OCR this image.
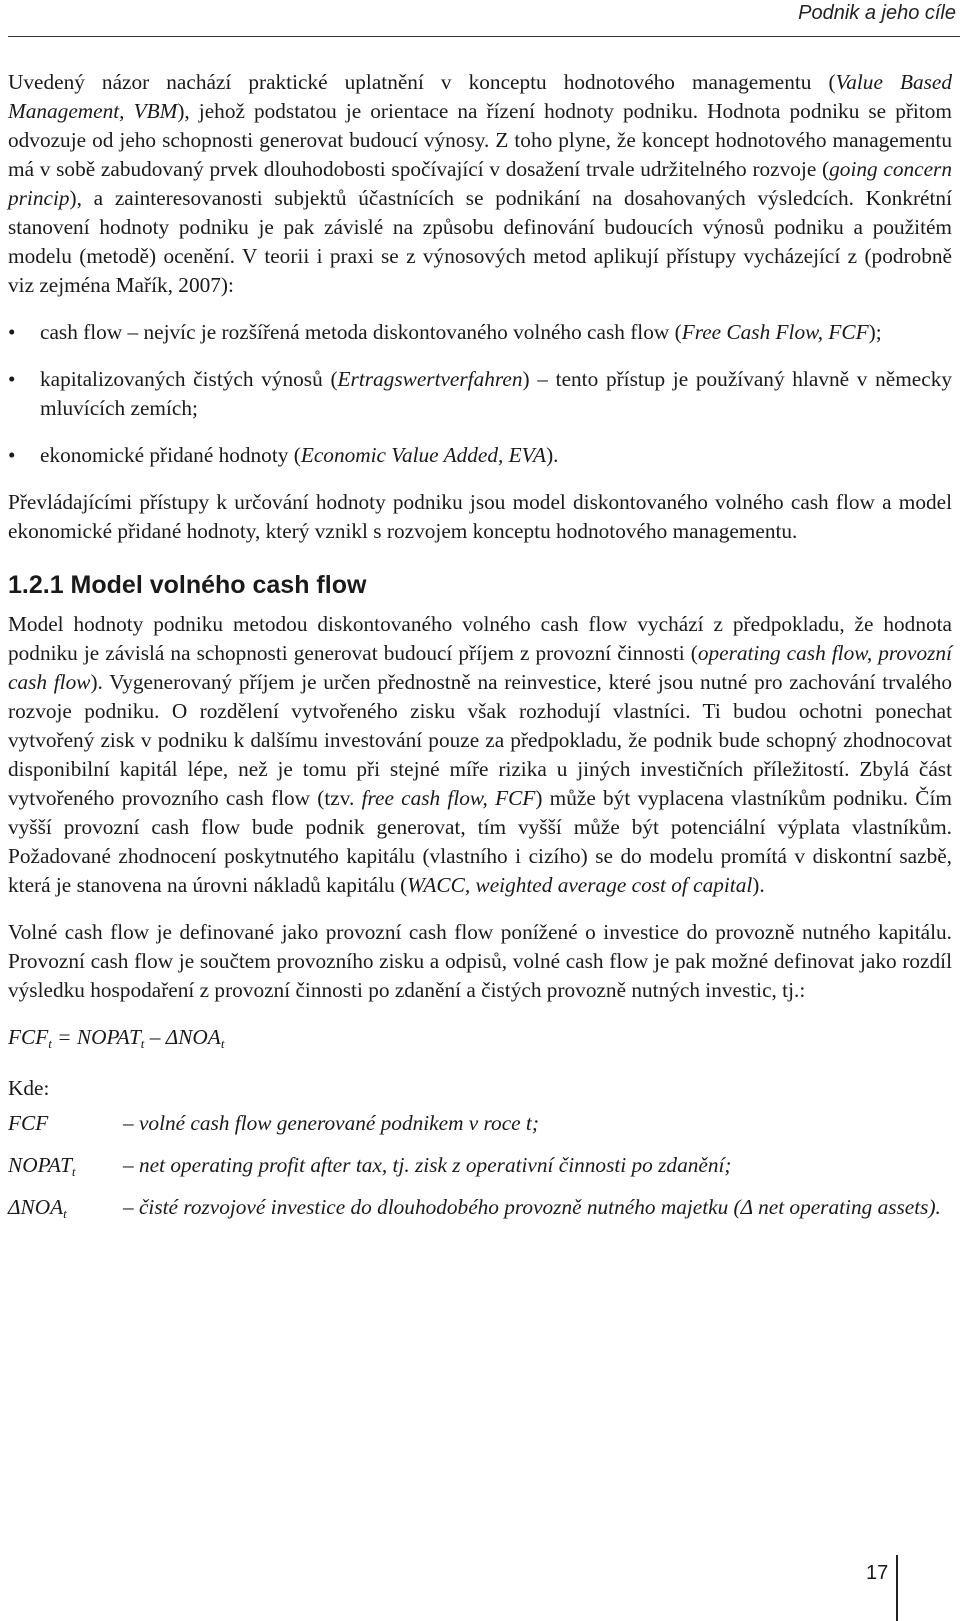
Podnik a jeho cíle

Uvedený názor nachází praktické uplatnění v konceptu hodnotového managementu (Value Based Management, VBM), jehož podstatou je orientace na řízení hodnoty podniku. Hodnota podniku se přitom odvozuje od jeho schopnosti generovat budoucí výnosy. Z toho plyne, že koncept hodnotového managementu má v sobě zabudovaný prvek dlouhodobosti spočívající v dosažení trvale udržitelného rozvoje (going concern princip), a zainteresovanosti subjektů účastnících se podnikání na dosahovaných výsledcích. Konkrétní stanovení hodnoty podniku je pak závislé na způsobu definování budoucích výnosů podniku a použitém modelu (metodě) ocenění. V teorii i praxi se z výnosových metod aplikují přístupy vycházející z (podrobně viz zejména Mařík, 2007):

• cash flow – nejvíc je rozšířená metoda diskontovaného volného cash flow (Free Cash Flow, FCF);
• kapitalizovaných čistých výnosů (Ertragswertverfahren) – tento přístup je používaný hlavně v německy mluvících zemích;
• ekonomické přidané hodnoty (Economic Value Added, EVA).

Převládajícími přístupy k určování hodnoty podniku jsou model diskontovaného volného cash flow a model ekonomické přidané hodnoty, který vznikl s rozvojem konceptu hodnotového managementu.

1.2.1 Model volného cash flow

Model hodnoty podniku metodou diskontovaného volného cash flow vychází z předpokladu, že hodnota podniku je závislá na schopnosti generovat budoucí příjem z provozní činnosti (operating cash flow, provozní cash flow). Vygenerovaný příjem je určen přednostně na reinvestice, které jsou nutné pro zachování trvalého rozvoje podniku. O rozdělení vytvořeného zisku však rozhodují vlastníci. Ti budou ochotni ponechat vytvořený zisk v podniku k dalšímu investování pouze za předpokladu, že podnik bude schopný zhodnocovat disponibilní kapitál lépe, než je tomu při stejné míře rizika u jiných investičních příležitostí. Zbylá část vytvořeného provozního cash flow (tzv. free cash flow, FCF) může být vyplacena vlastníkům podniku. Čím vyšší provozní cash flow bude podnik generovat, tím vyšší může být potenciální výplata vlastníkům. Požadované zhodnocení poskytnutého kapitálu (vlastního i cizího) se do modelu promítá v diskontní sazbě, která je stanovena na úrovni nákladů kapitálu (WACC, weighted average cost of capital).

Volné cash flow je definované jako provozní cash flow ponížené o investice do provozně nutného kapitálu. Provozní cash flow je součtem provozního zisku a odpisů, volné cash flow je pak možné definovat jako rozdíl výsledku hospodaření z provozní činnosti po zdanění a čistých provozně nutných investic, tj.:

$FCF_t$ = $NOPAT_t - \Delta NOA_t$
Kde:
FCF	– volné cash flow generované podnikem v roce t;
$NOPAT_t$	– net operating profit after tax, tj. zisk z operativní činnosti po zdanění;
$\Delta NOA_t$	– čisté rozvojové investice do dlouhodobého provozně nutného majetku (Δ net operating assets).
17
